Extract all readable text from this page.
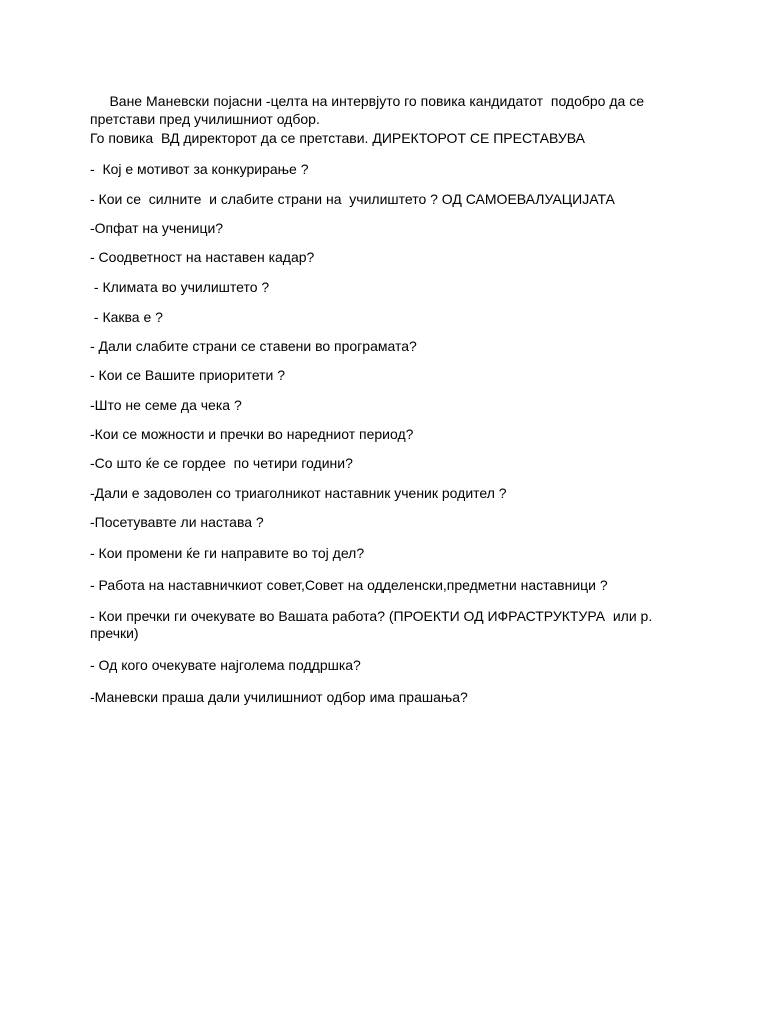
Ване Маневски појасни -целта на интервјуто го повика кандидатот  подобро да се
претстави пред училишниот одбор.
Го повика  ВД директорот да се претстави. ДИРЕКТОРОТ СЕ ПРЕСТАВУВА
-  Кој е мотивот за конкурирање ?
- Кои се  силните  и слабите страни на  училиштето ? ОД САМОЕВАЛУАЦИЈАТА
-Опфат на ученици?
- Соодветност на наставен кадар?
- Климата во училиштето ?
- Каква е ?
- Дали слабите страни се ставени во програмата?
- Кои се Вашите приоритети ?
-Што не семе да чека ?
-Кои се можности и пречки во наредниот период?
-Со што ќе се гордее  по четири години?
-Дали е задоволен со триаголникот наставник ученик родител ?
-Посетувавте ли настава ?
- Кои промени ќе ги направите во тој дел?
- Работа на наставничкиот совет,Совет на одделенски,предметни наставници ?
- Кои пречки ги очекувате во Вашата работа? (ПРОЕКТИ ОД ИФРАСТРУКТУРА  или р.
пречки)
- Од кого очекувате најголема поддршка?
-Маневски праша дали училишниот одбор има прашања?
